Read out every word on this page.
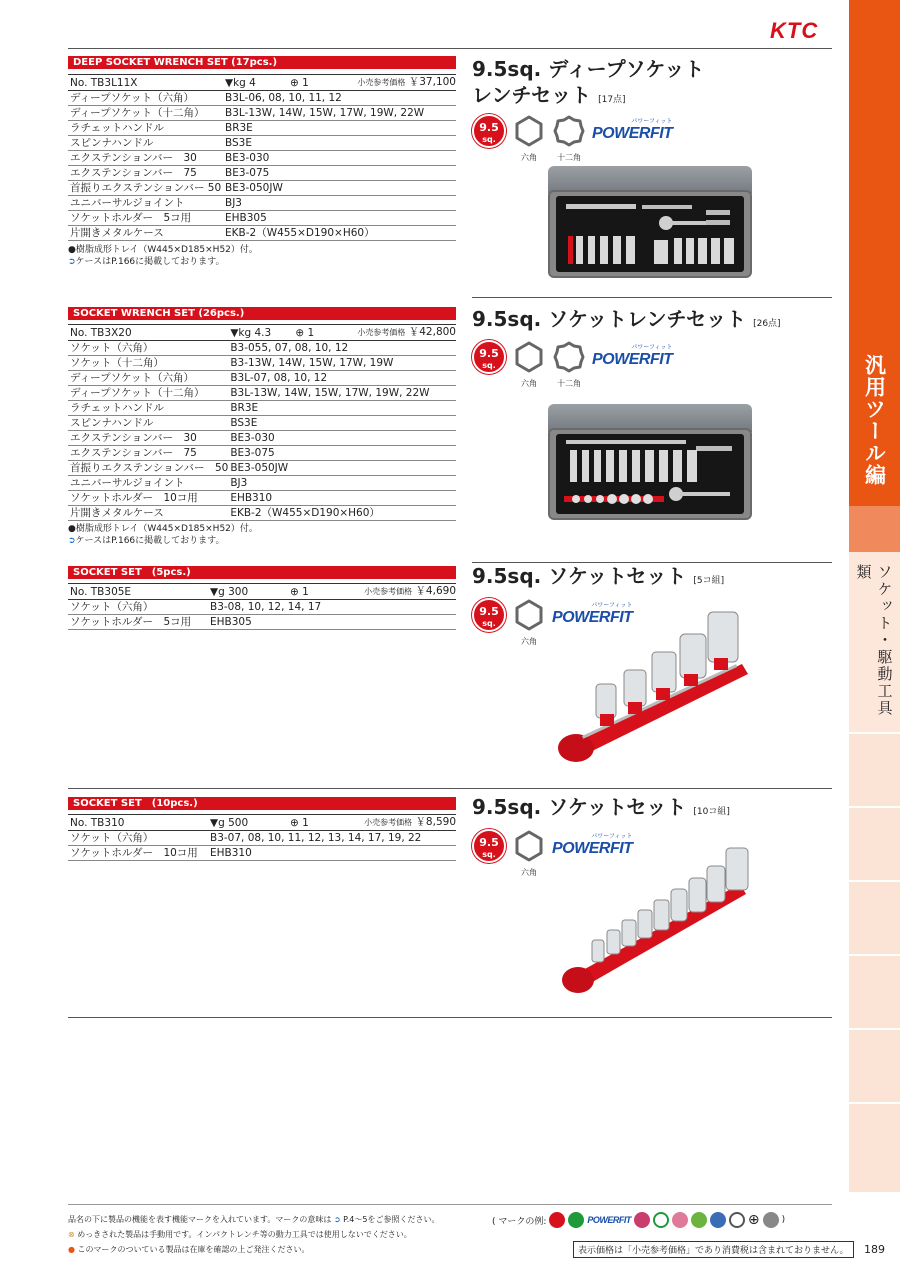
KTC
汎用ツール編
ソケット・駆動工具類
DEEP SOCKET WRENCH SET (17pcs.)
No. TB3L11X	▼kg 4	⊕ 1	小売参考価格 ￥37,100
ディープソケット（六角）	B3L-06, 08, 10, 11, 12		
ディープソケット（十二角）	B3L-13W, 14W, 15W, 17W, 19W, 22W		
ラチェットハンドル	BR3E		
スピンナハンドル	BS3E		
エクステンションバー　30	BE3-030		
エクステンションバー　75	BE3-075		
首振りエクステンションバー 50	BE3-050JW		
ユニバーサルジョイント	BJ3		
ソケットホルダー　5コ用	EHB305		
片開きメタルケース	EKB-2（W455×D190×H60）		
●樹脂成形トレイ（W445×D185×H52）付。
➲ケースはP.166に掲載しております。
9.5sq. ディープソケット
レンチセット [17点]
9.5
sq.
六角	十二角
パワーフィット
POWERFIT
SOCKET WRENCH SET (26pcs.)
No. TB3X20	▼kg 4.3	⊕ 1	小売参考価格 ￥42,800
ソケット（六角）	B3-055, 07, 08, 10, 12		
ソケット（十二角）	B3-13W, 14W, 15W, 17W, 19W		
ディープソケット（六角）	B3L-07, 08, 10, 12		
ディープソケット（十二角）	B3L-13W, 14W, 15W, 17W, 19W, 22W		
ラチェットハンドル	BR3E		
スピンナハンドル	BS3E		
エクステンションバー　30	BE3-030		
エクステンションバー　75	BE3-075		
首振りエクステンションバー　50	BE3-050JW		
ユニバーサルジョイント	BJ3		
ソケットホルダー　10コ用	EHB310		
片開きメタルケース	EKB-2（W455×D190×H60）		
●樹脂成形トレイ（W445×D185×H52）付。
➲ケースはP.166に掲載しております。
9.5sq. ソケットレンチセット [26点]
9.5
sq.
六角	十二角
パワーフィット
POWERFIT
SOCKET SET　(5pcs.)
No. TB305E	▼g 300	⊕ 1	小売参考価格 ￥4,690
ソケット（六角）	B3-08, 10, 12, 14, 17		
ソケットホルダー　5コ用	EHB305		
9.5sq. ソケットセット [5コ組]
9.5
sq.
六角
パワーフィット
POWERFIT
SOCKET SET　(10pcs.)
No. TB310	▼g 500	⊕ 1	小売参考価格 ￥8,590
ソケット（六角）	B3-07, 08, 10, 11, 12, 13, 14, 17, 19, 22		
ソケットホルダー　10コ用	EHB310		
9.5sq. ソケットセット [10コ組]
9.5
sq.
六角
パワーフィット
POWERFIT
品名の下に製品の機能を表す機能マークを入れています。マークの意味は ➲ P.4～5をご参照ください。
⊗ めっきされた製品は手動用です。インパクトレンチ等の動力工具では使用しないでください。
● このマークのついている製品は在庫を確認の上ご発注ください。
( マークの例:	POWERFIT	⊕ )
表示価格は「小売参考価格」であり消費税は含まれておりません。	189
